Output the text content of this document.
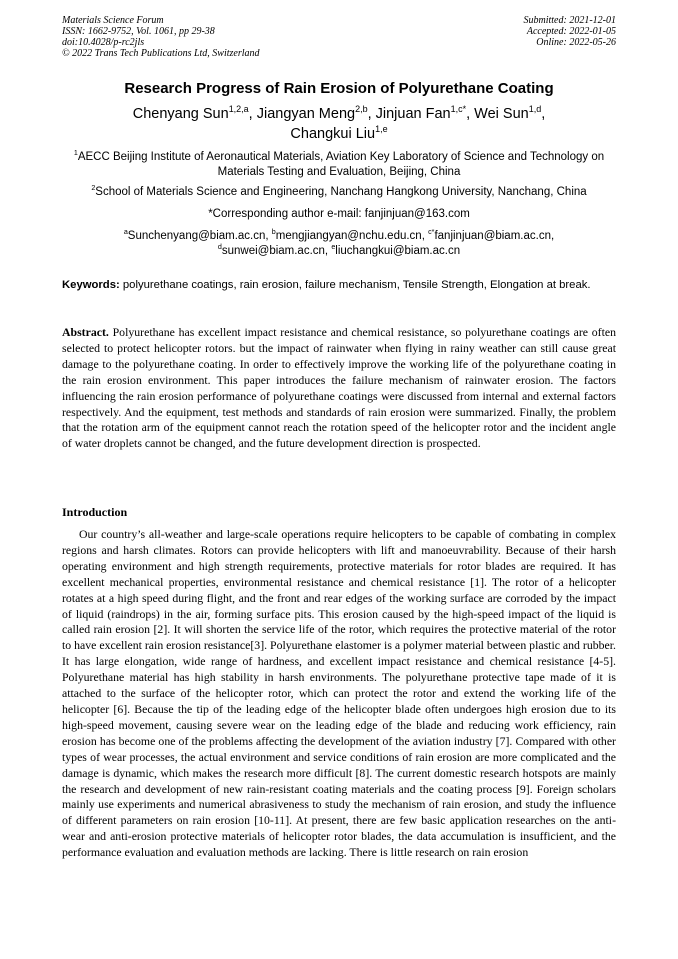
Materials Science Forum
ISSN: 1662-9752, Vol. 1061, pp 29-38
doi:10.4028/p-rc2jls
© 2022 Trans Tech Publications Ltd, Switzerland
Submitted: 2021-12-01
Accepted: 2022-01-05
Online: 2022-05-26
Research Progress of Rain Erosion of Polyurethane Coating
Chenyang Sun$^{1,2,a}$, Jiangyan Meng$^{2,b}$, Jinjuan Fan$^{1,c*}$, Wei Sun$^{1,d}$,
Changkui Liu$^{1,e}$
$^1$AECC Beijing Institute of Aeronautical Materials, Aviation Key Laboratory of Science and Technology on Materials Testing and Evaluation, Beijing, China
$^2$School of Materials Science and Engineering, Nanchang Hangkong University, Nanchang, China
*Corresponding author e-mail: fanjinjuan@163.com
$^a$Sunchenyang@biam.ac.cn, $^b$mengjiangyan@nchu.edu.cn, $^{c*}$fanjinjuan@biam.ac.cn,
$^d$sunwei@biam.ac.cn, $^e$liuchangkui@biam.ac.cn
Keywords: polyurethane coatings, rain erosion, failure mechanism, Tensile Strength, Elongation at break.
Abstract. Polyurethane has excellent impact resistance and chemical resistance, so polyurethane coatings are often selected to protect helicopter rotors. but the impact of rainwater when flying in rainy weather can still cause great damage to the polyurethane coating. In order to effectively improve the working life of the polyurethane coating in the rain erosion environment. This paper introduces the failure mechanism of rainwater erosion. The factors influencing the rain erosion performance of polyurethane coatings were discussed from internal and external factors respectively. And the equipment, test methods and standards of rain erosion were summarized. Finally, the problem that the rotation arm of the equipment cannot reach the rotation speed of the helicopter rotor and the incident angle of water droplets cannot be changed, and the future development direction is prospected.
Introduction
Our country’s all-weather and large-scale operations require helicopters to be capable of combating in complex regions and harsh climates. Rotors can provide helicopters with lift and manoeuvrability. Because of their harsh operating environment and high strength requirements, protective materials for rotor blades are required. It has excellent mechanical properties, environmental resistance and chemical resistance [1]. The rotor of a helicopter rotates at a high speed during flight, and the front and rear edges of the working surface are corroded by the impact of liquid (raindrops) in the air, forming surface pits. This erosion caused by the high-speed impact of the liquid is called rain erosion [2]. It will shorten the service life of the rotor, which requires the protective material of the rotor to have excellent rain erosion resistance[3]. Polyurethane elastomer is a polymer material between plastic and rubber. It has large elongation, wide range of hardness, and excellent impact resistance and chemical resistance [4-5]. Polyurethane material has high stability in harsh environments. The polyurethane protective tape made of it is attached to the surface of the helicopter rotor, which can protect the rotor and extend the working life of the helicopter [6]. Because the tip of the leading edge of the helicopter blade often undergoes high erosion due to its high-speed movement, causing severe wear on the leading edge of the blade and reducing work efficiency, rain erosion has become one of the problems affecting the development of the aviation industry [7]. Compared with other types of wear processes, the actual environment and service conditions of rain erosion are more complicated and the damage is dynamic, which makes the research more difficult [8]. The current domestic research hotspots are mainly the research and development of new rain-resistant coating materials and the coating process [9]. Foreign scholars mainly use experiments and numerical abrasiveness to study the mechanism of rain erosion, and study the influence of different parameters on rain erosion [10-11]. At present, there are few basic application researches on the anti-wear and anti-erosion protective materials of helicopter rotor blades, the data accumulation is insufficient, and the performance evaluation and evaluation methods are lacking. There is little research on rain erosion
